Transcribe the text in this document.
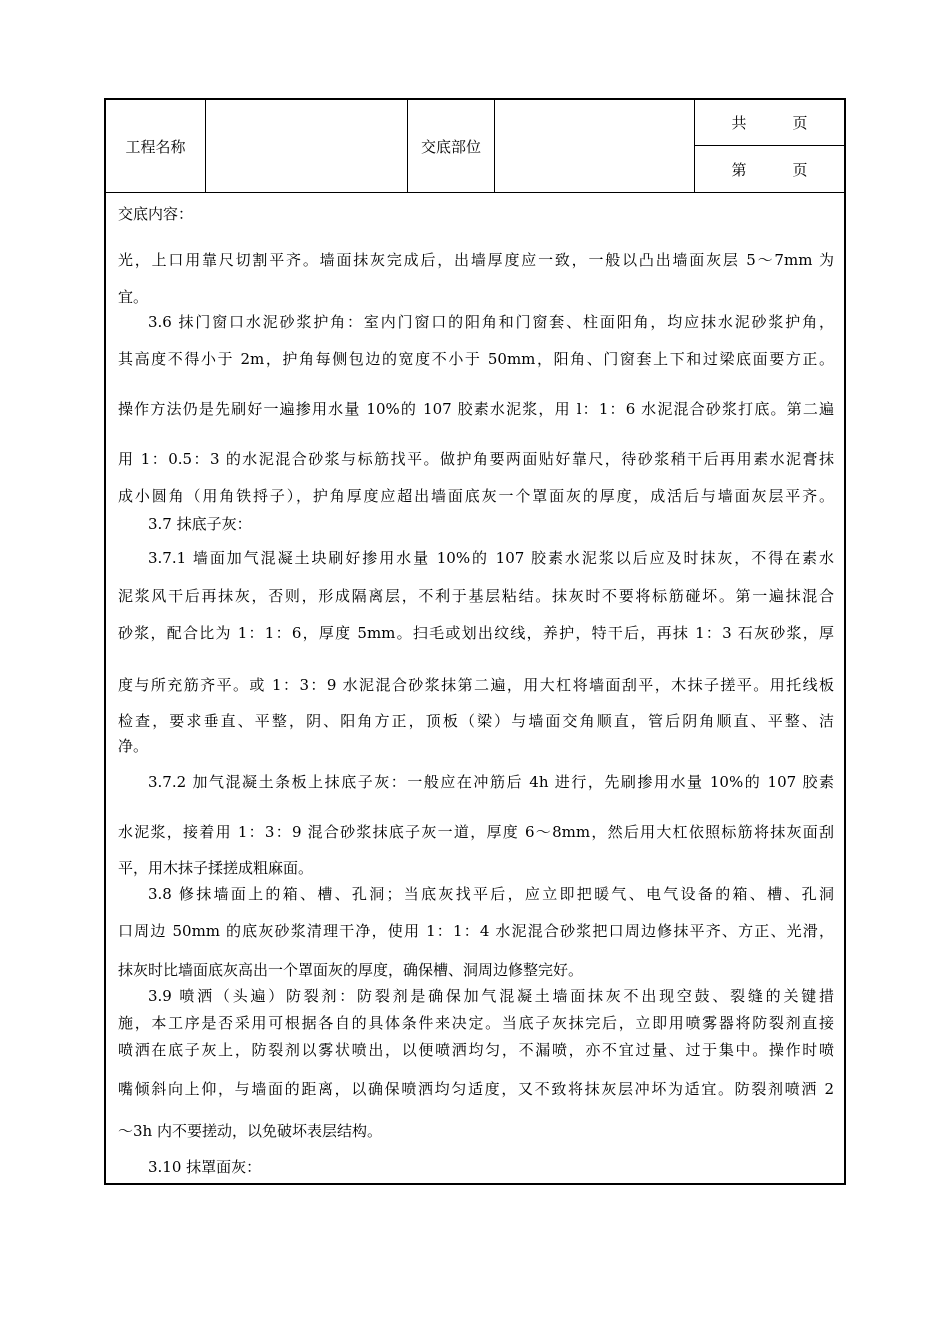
工程名称	交底部位
共	页
第	页
交底内容：
光，上口用靠尺切割平齐。墙面抹灰完成后，出墙厚度应一致，一般以凸出墙面灰层 5～7mm 为
宜。
3.6 抹门窗口水泥砂浆护角：室内门窗口的阳角和门窗套、柱面阳角，均应抹水泥砂浆护角，
其高度不得小于 2m，护角每侧包边的宽度不小于 50mm，阳角、门窗套上下和过梁底面要方正。
操作方法仍是先刷好一遍掺用水量 10%的 107 胶素水泥浆，用 l：1：6 水泥混合砂浆打底。第二遍
用 1：0.5：3 的水泥混合砂浆与标筋找平。做护角要两面贴好靠尺，待砂浆稍干后再用素水泥膏抹
成小圆角（用角铁捋子），护角厚度应超出墙面底灰一个罩面灰的厚度，成活后与墙面灰层平齐。
3.7 抹底子灰：
3.7.1 墙面加气混凝土块刷好掺用水量 10%的 107 胶素水泥浆以后应及时抹灰，不得在素水
泥浆风干后再抹灰，否则，形成隔离层，不利于基层粘结。抹灰时不要将标筋碰坏。第一遍抹混合
砂浆，配合比为 1：1：6，厚度 5mm。扫毛或划出纹线，养护，特干后，再抹 1：3 石灰砂浆，厚
度与所充筋齐平。或 1：3：9 水泥混合砂浆抹第二遍，用大杠将墙面刮平，木抹子搓平。用托线板
检查，要求垂直、平整，阴、阳角方正，顶板（梁）与墙面交角顺直，管后阴角顺直、平整、洁
净。
3.7.2 加气混凝土条板上抹底子灰：一般应在冲筋后 4h 进行，先刷掺用水量 10%的 107 胶素
水泥浆，接着用 1：3：9 混合砂浆抹底子灰一道，厚度 6～8mm，然后用大杠依照标筋将抹灰面刮
平，用木抹子揉搓成粗麻面。
3.8 修抹墙面上的箱、槽、孔洞；当底灰找平后，应立即把暖气、电气设备的箱、槽、孔洞
口周边 50mm 的底灰砂浆清理干净，使用 1：1：4 水泥混合砂浆把口周边修抹平齐、方正、光滑，
抹灰时比墙面底灰高出一个罩面灰的厚度，确保槽、洞周边修整完好。
3.9 喷洒（头遍）防裂剂：防裂剂是确保加气混凝土墙面抹灰不出现空鼓、裂缝的关键措
施，本工序是否采用可根据各自的具体条件来决定。当底子灰抹完后，立即用喷雾器将防裂剂直接
喷洒在底子灰上，防裂剂以雾状喷出，以便喷洒均匀，不漏喷，亦不宜过量、过于集中。操作时喷
嘴倾斜向上仰，与墙面的距离，以确保喷洒均匀适度，又不致将抹灰层冲坏为适宜。防裂剂喷洒 2
～3h 内不要搓动，以免破坏表层结构。
3.10 抹罩面灰：
